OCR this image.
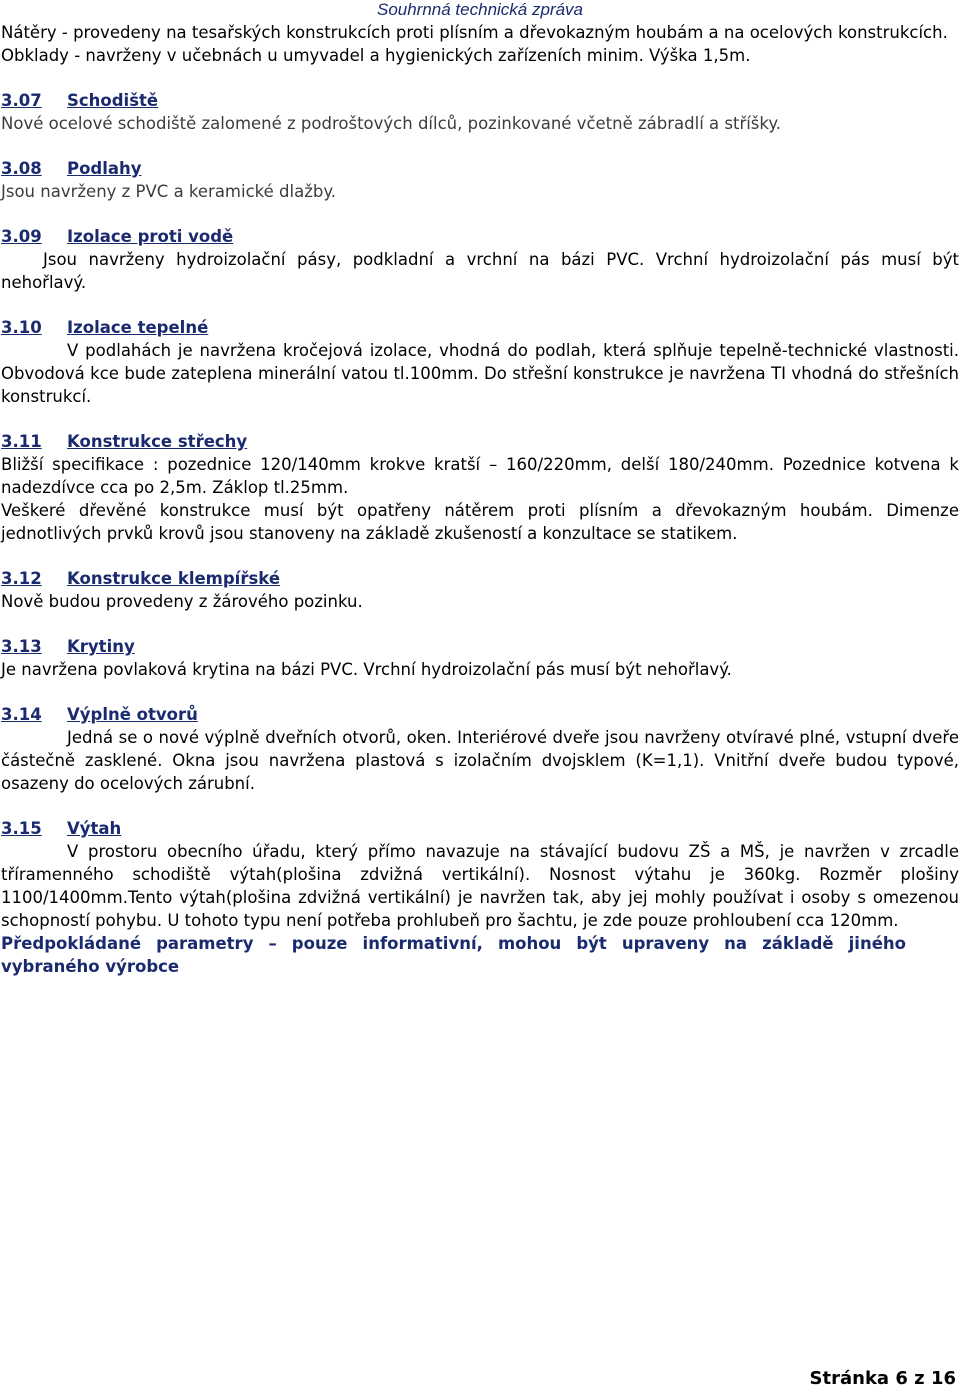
Souhrnná technická zpráva

Nátěry - provedeny na tesařských konstrukcích proti plísním a dřevokazným houbám a na ocelových konstrukcích.

Obklady - navrženy v učebnách u umyvadel a hygienických zařízeních minim. Výška 1,5m.

3.07	Schodiště

Nové ocelové schodiště zalomené z podroštových dílců, pozinkované včetně zábradlí a stříšky.

3.08	Podlahy

Jsou navrženy z PVC a keramické dlažby.

3.09	Izolace proti vodě

Jsou navrženy hydroizolační pásy, podkladní a vrchní na bázi PVC. Vrchní hydroizolační pás musí být nehořlavý.

3.10	Izolace tepelné

V podlahách je navržena kročejová izolace, vhodná do podlah, která splňuje tepelně-technické vlastnosti. Obvodová kce bude zateplena minerální vatou tl.100mm. Do střešní konstrukce je navržena TI vhodná do střešních konstrukcí.

3.11	Konstrukce střechy

Bližší specifikace : pozednice 120/140mm krokve kratší – 160/220mm, delší 180/240mm. Pozednice kotvena k nadezdívce cca po 2,5m. Záklop tl.25mm.

Veškeré dřevěné konstrukce musí být opatřeny nátěrem proti plísním a dřevokazným houbám. Dimenze jednotlivých prvků krovů jsou stanoveny na základě zkušeností a konzultace se statikem.

3.12	Konstrukce klempířské

Nově budou provedeny z žárového pozinku.

3.13	Krytiny

Je navržena povlaková krytina na bázi PVC. Vrchní hydroizolační pás musí být nehořlavý.

3.14	Výplně otvorů

Jedná se o nové výplně dveřních otvorů, oken. Interiérové dveře jsou navrženy otvíravé plné, vstupní dveře částečně zasklené. Okna jsou navržena plastová s izolačním dvojsklem (K=1,1). Vnitřní dveře budou typové, osazeny do ocelových zárubní.

3.15	Výtah

V prostoru obecního úřadu, který přímo navazuje na stávající budovu ZŠ a MŠ, je navržen v zrcadle tříramenného schodiště výtah(plošina zdvižná vertikální). Nosnost výtahu je 360kg. Rozměr plošiny 1100/1400mm.Tento výtah(plošina zdvižná vertikální) je navržen tak, aby jej mohly používat i osoby s omezenou schopností pohybu. U tohoto typu není potřeba prohlubeň pro šachtu, je zde pouze prohloubení cca 120mm.

Předpokládané parametry – pouze informativní, mohou být upraveny na základě jiného vybraného výrobce

Stránka 6 z 16
